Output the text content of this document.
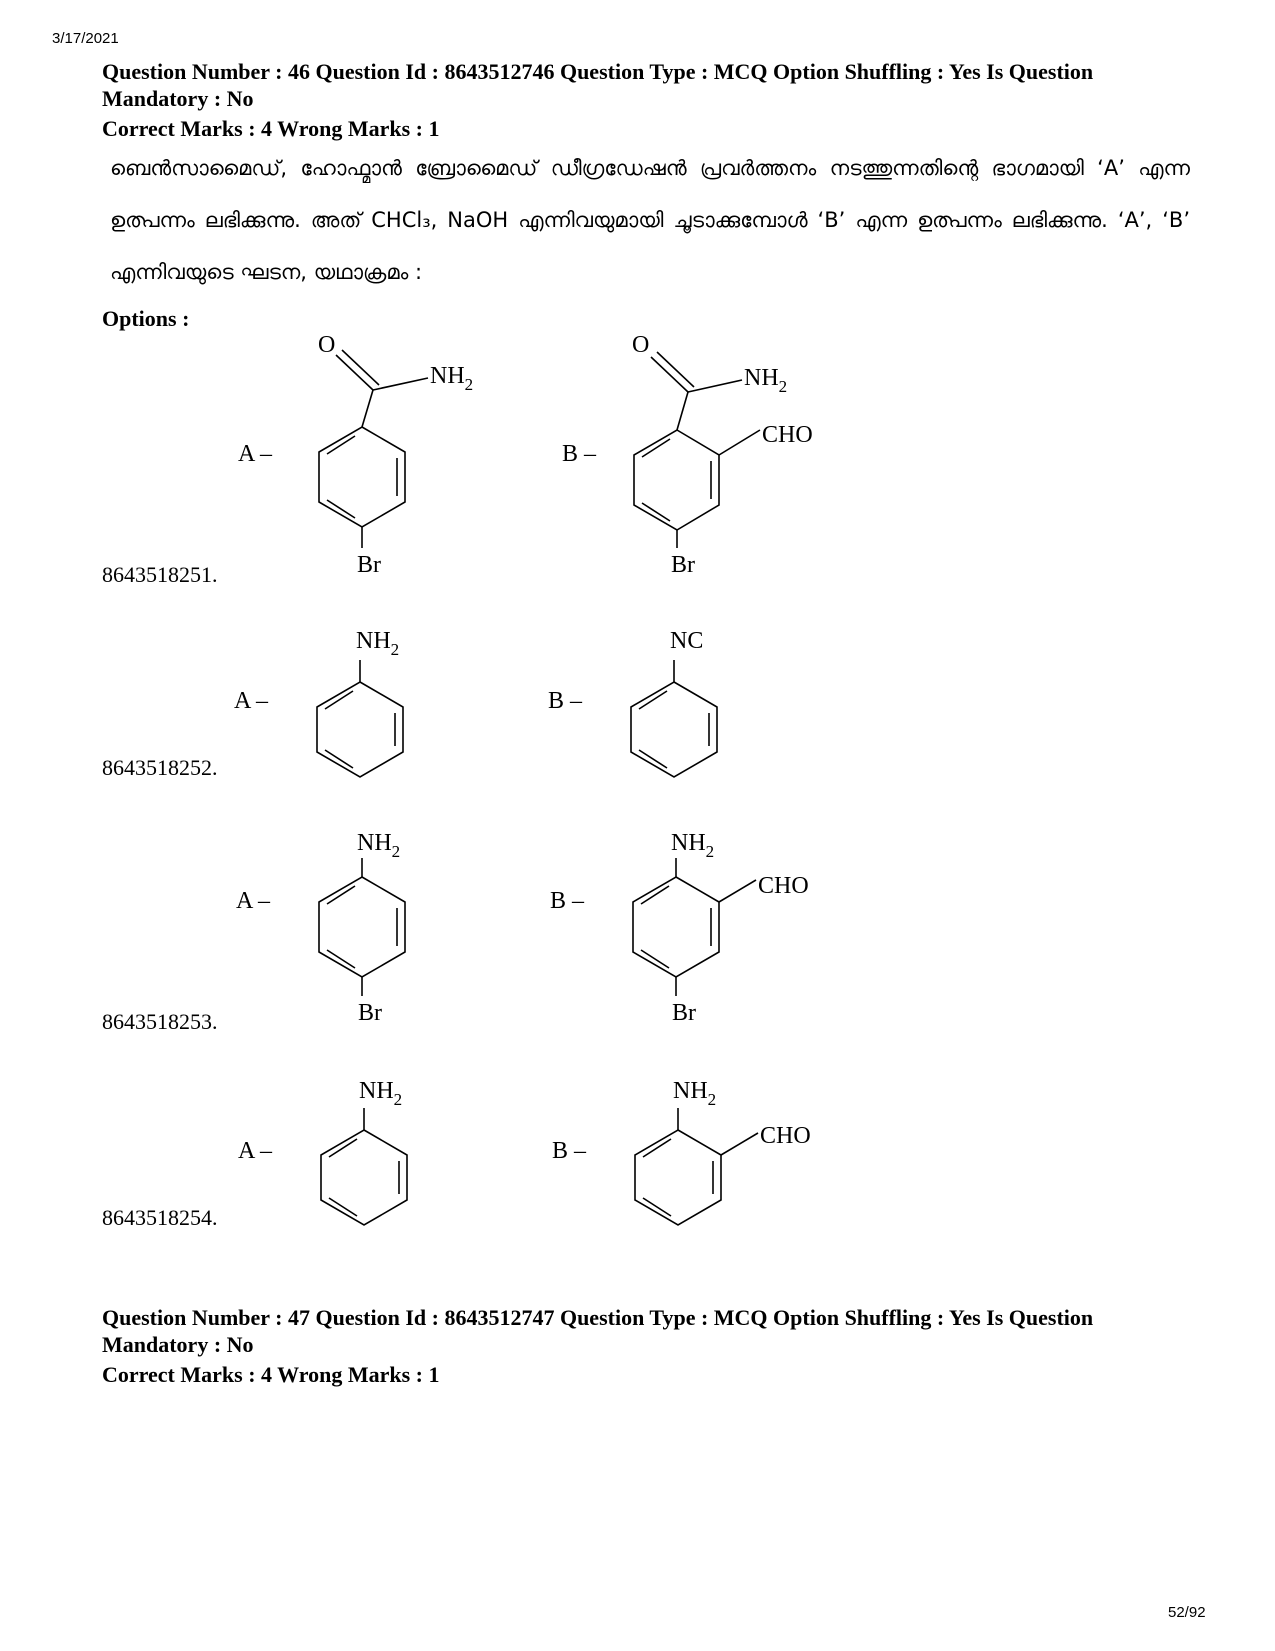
3/17/2021
Question Number : 46 Question Id : 8643512746 Question Type : MCQ Option Shuffling : Yes Is Question Mandatory : No
Correct Marks : 4 Wrong Marks : 1
ബെൻസാമൈഡ്, ഹോഫ്മാൻ ബ്രോമൈഡ് ഡീഗ്രഡേഷൻ പ്രവർത്തനം നടത്തുന്നതിന്റെ ഭാഗമായി ‘A’ എന്ന ഉത്പന്നം ലഭിക്കുന്നു. അത് CHCl₃, NaOH എന്നിവയുമായി ചൂടാക്കുമ്പോൾ ‘B’ എന്ന ഉത്പന്നം ലഭിക്കുന്നു. ‘A’, ‘B’ എന്നിവയുടെ ഘടന, യഥാക്രമം :
Options :
A –
O
$NH_2$
Br
B –
O
$NH_2$
CHO
Br
8643518251.
A –
$NH_2$
B –
NC
8643518252.
A –
$NH_2$
Br
B –
$NH_2$
CHO
Br
8643518253.
A –
$NH_2$
B –
$NH_2$
CHO
8643518254.
Question Number : 47 Question Id : 8643512747 Question Type : MCQ Option Shuffling : Yes Is Question Mandatory : No
Correct Marks : 4 Wrong Marks : 1
52/92
